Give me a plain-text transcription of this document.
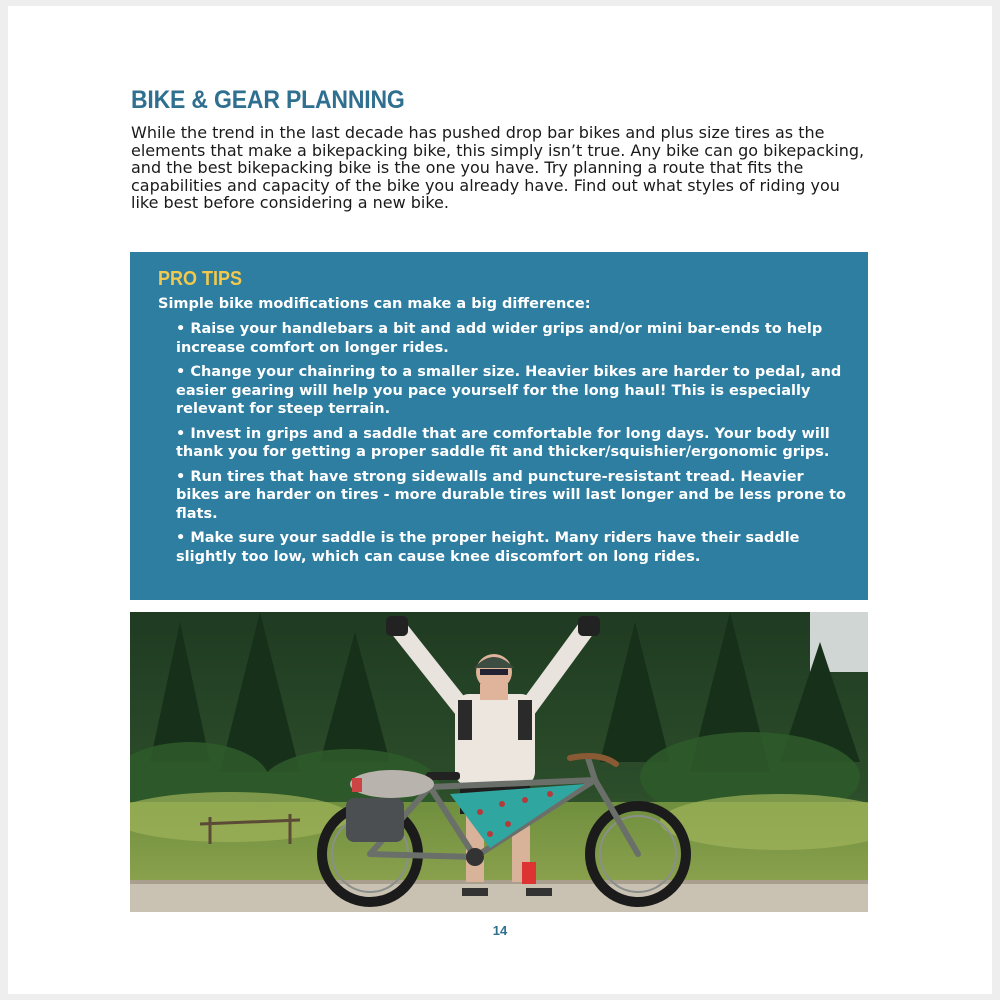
BIKE & GEAR PLANNING

While the trend in the last decade has pushed drop bar bikes and plus size tires as the elements that make a bikepacking bike, this simply isn’t true. Any bike can go bikepacking, and the best bikepacking bike is the one you have. Try planning a route that fits the capabilities and capacity of the bike you already have. Find out what styles of riding you like best before considering a new bike.

PRO TIPS

Simple bike modifications can make a big difference:

• Raise your handlebars a bit and add wider grips and/or mini bar-ends to help increase comfort on longer rides.
• Change your chainring to a smaller size. Heavier bikes are harder to pedal, and easier gearing will help you pace yourself for the long haul! This is especially relevant for steep terrain.
• Invest in grips and a saddle that are comfortable for long days. Your body will thank you for getting a proper saddle fit and thicker/squishier/ergonomic grips.
• Run tires that have strong sidewalls and puncture-resistant tread. Heavier bikes are harder on tires - more durable tires will last longer and be less prone to flats.
• Make sure your saddle is the proper height. Many riders have their saddle slightly too low, which can cause knee discomfort on long rides.
14
